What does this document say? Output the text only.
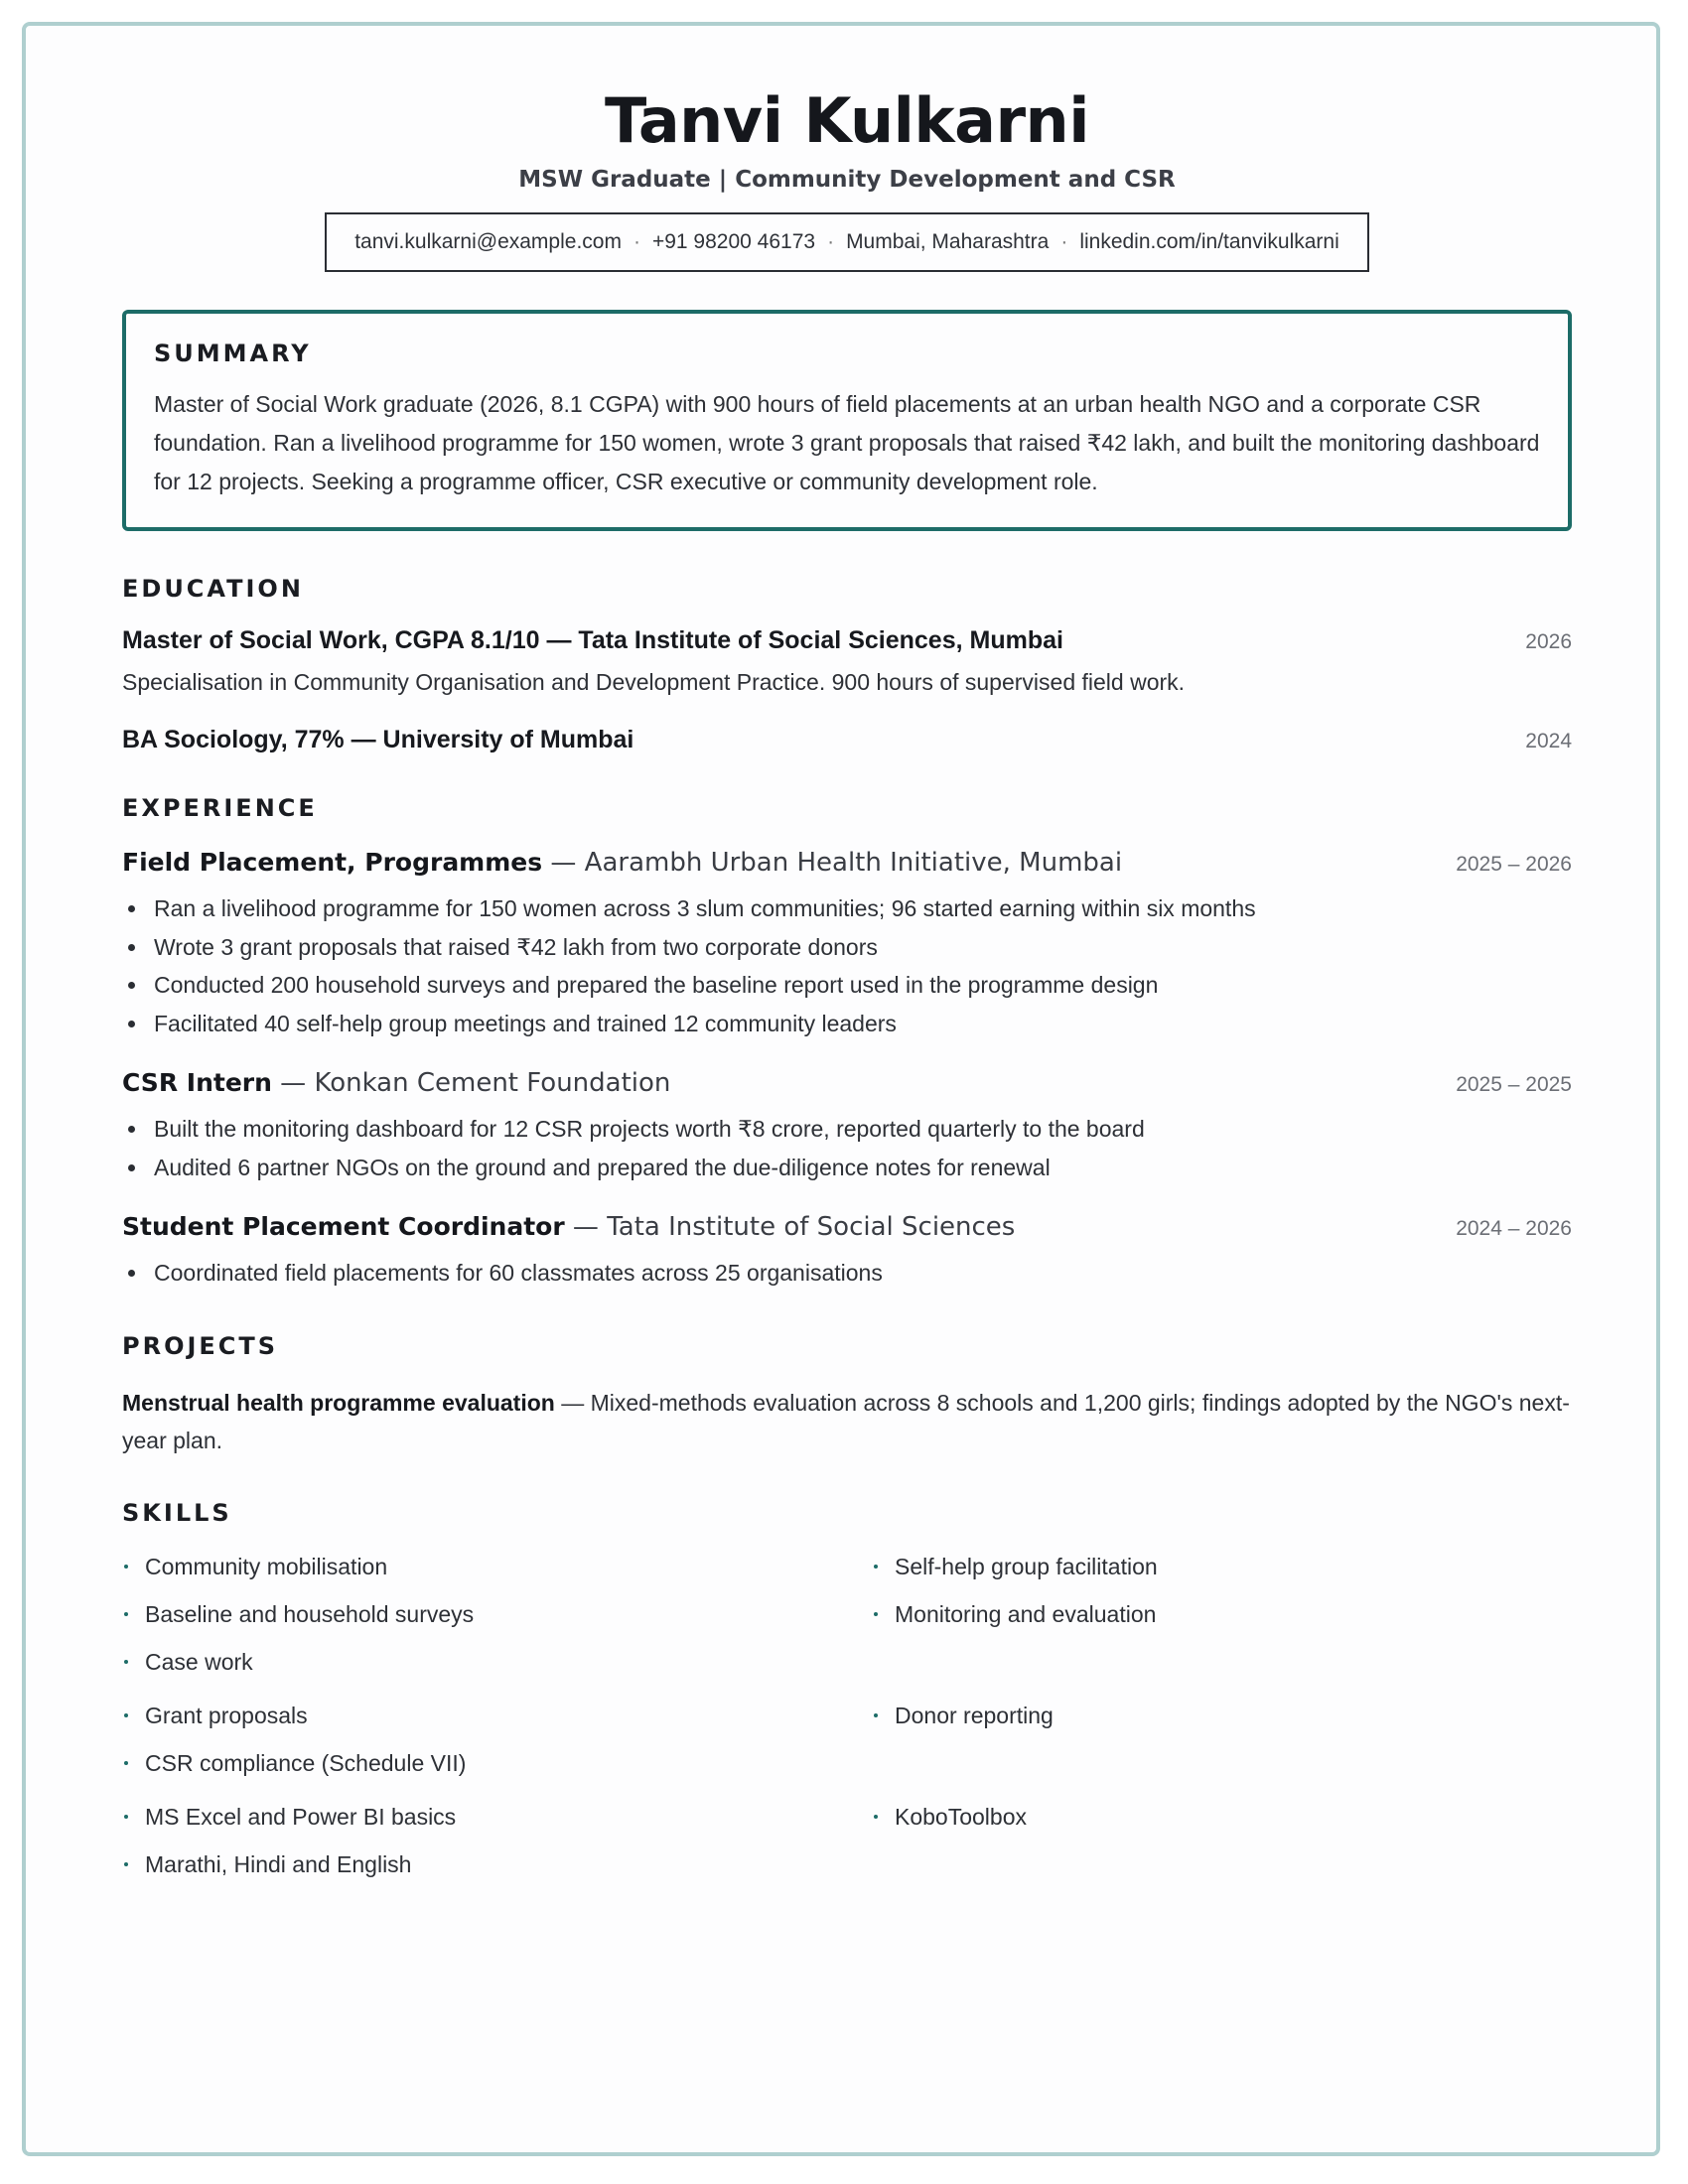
Tanvi Kulkarni
MSW Graduate | Community Development and CSR
tanvi.kulkarni@example.com · +91 98200 46173 · Mumbai, Maharashtra · linkedin.com/in/tanvikulkarni
SUMMARY
Master of Social Work graduate (2026, 8.1 CGPA) with 900 hours of field placements at an urban health NGO and a corporate CSR foundation. Ran a livelihood programme for 150 women, wrote 3 grant proposals that raised ₹42 lakh, and built the monitoring dashboard for 12 projects. Seeking a programme officer, CSR executive or community development role.
EDUCATION
Master of Social Work, CGPA 8.1/10 — Tata Institute of Social Sciences, Mumbai	2026
Specialisation in Community Organisation and Development Practice. 900 hours of supervised field work.
BA Sociology, 77% — University of Mumbai	2024
EXPERIENCE
Field Placement, Programmes — Aarambh Urban Health Initiative, Mumbai	2025 – 2026
Ran a livelihood programme for 150 women across 3 slum communities; 96 started earning within six months
Wrote 3 grant proposals that raised ₹42 lakh from two corporate donors
Conducted 200 household surveys and prepared the baseline report used in the programme design
Facilitated 40 self-help group meetings and trained 12 community leaders
CSR Intern — Konkan Cement Foundation	2025 – 2025
Built the monitoring dashboard for 12 CSR projects worth ₹8 crore, reported quarterly to the board
Audited 6 partner NGOs on the ground and prepared the due-diligence notes for renewal
Student Placement Coordinator — Tata Institute of Social Sciences	2024 – 2026
Coordinated field placements for 60 classmates across 25 organisations
PROJECTS
Menstrual health programme evaluation — Mixed-methods evaluation across 8 schools and 1,200 girls; findings adopted by the NGO's next-year plan.
SKILLS
Community mobilisation	Self-help group facilitation
Baseline and household surveys	Monitoring and evaluation
Case work
Grant proposals	Donor reporting
CSR compliance (Schedule VII)
MS Excel and Power BI basics	KoboToolbox
Marathi, Hindi and English
